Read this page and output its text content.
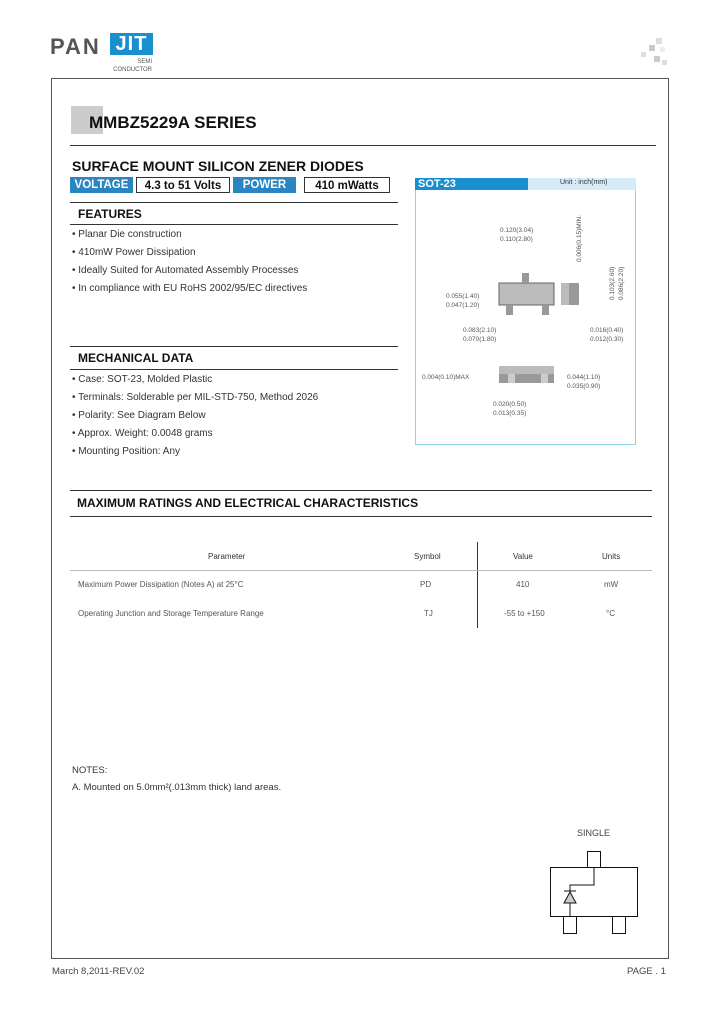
PAN JIT
SEMI
CONDUCTOR
MMBZ5229A SERIES
SURFACE MOUNT SILICON ZENER DIODES
VOLTAGE	4.3 to 51 Volts	POWER	410 mWatts
FEATURES
• Planar Die construction
• 410mW Power Dissipation
• Ideally Suited for Automated Assembly Processes
• In compliance with EU RoHS 2002/95/EC directives
MECHANICAL DATA
• Case: SOT-23, Molded Plastic
• Terminals: Solderable per MIL-STD-750, Method 2026
• Polarity: See Diagram Below
• Approx. Weight: 0.0048 grams
• Mounting Position: Any
SOT-23	Unit : inch(mm)
0.120(3.04)
0.110(2.80)	0.006(0.15)MIN.
0.055(1.40)
0.047(1.20)
0.083(2.10)
0.070(1.80)
0.016(0.40)
0.012(0.30)
0.103(2.60) 0.086(2.20)
0.004(0.10)MAX	0.044(1.10)
0.035(0.90)
0.020(0.50)
0.013(0.35)
MAXIMUM RATINGS AND ELECTRICAL CHARACTERISTICS
Parameter	Symbol	Value	Units
Maximum Power Dissipation (Notes A) at 25°C	PD	410	mW
Operating Junction and Storage Temperature Range	TJ	-55 to +150	°C
NOTES:
A. Mounted on 5.0mm²(.013mm thick) land areas.
SINGLE
March 8,2011-REV.02	PAGE . 1
